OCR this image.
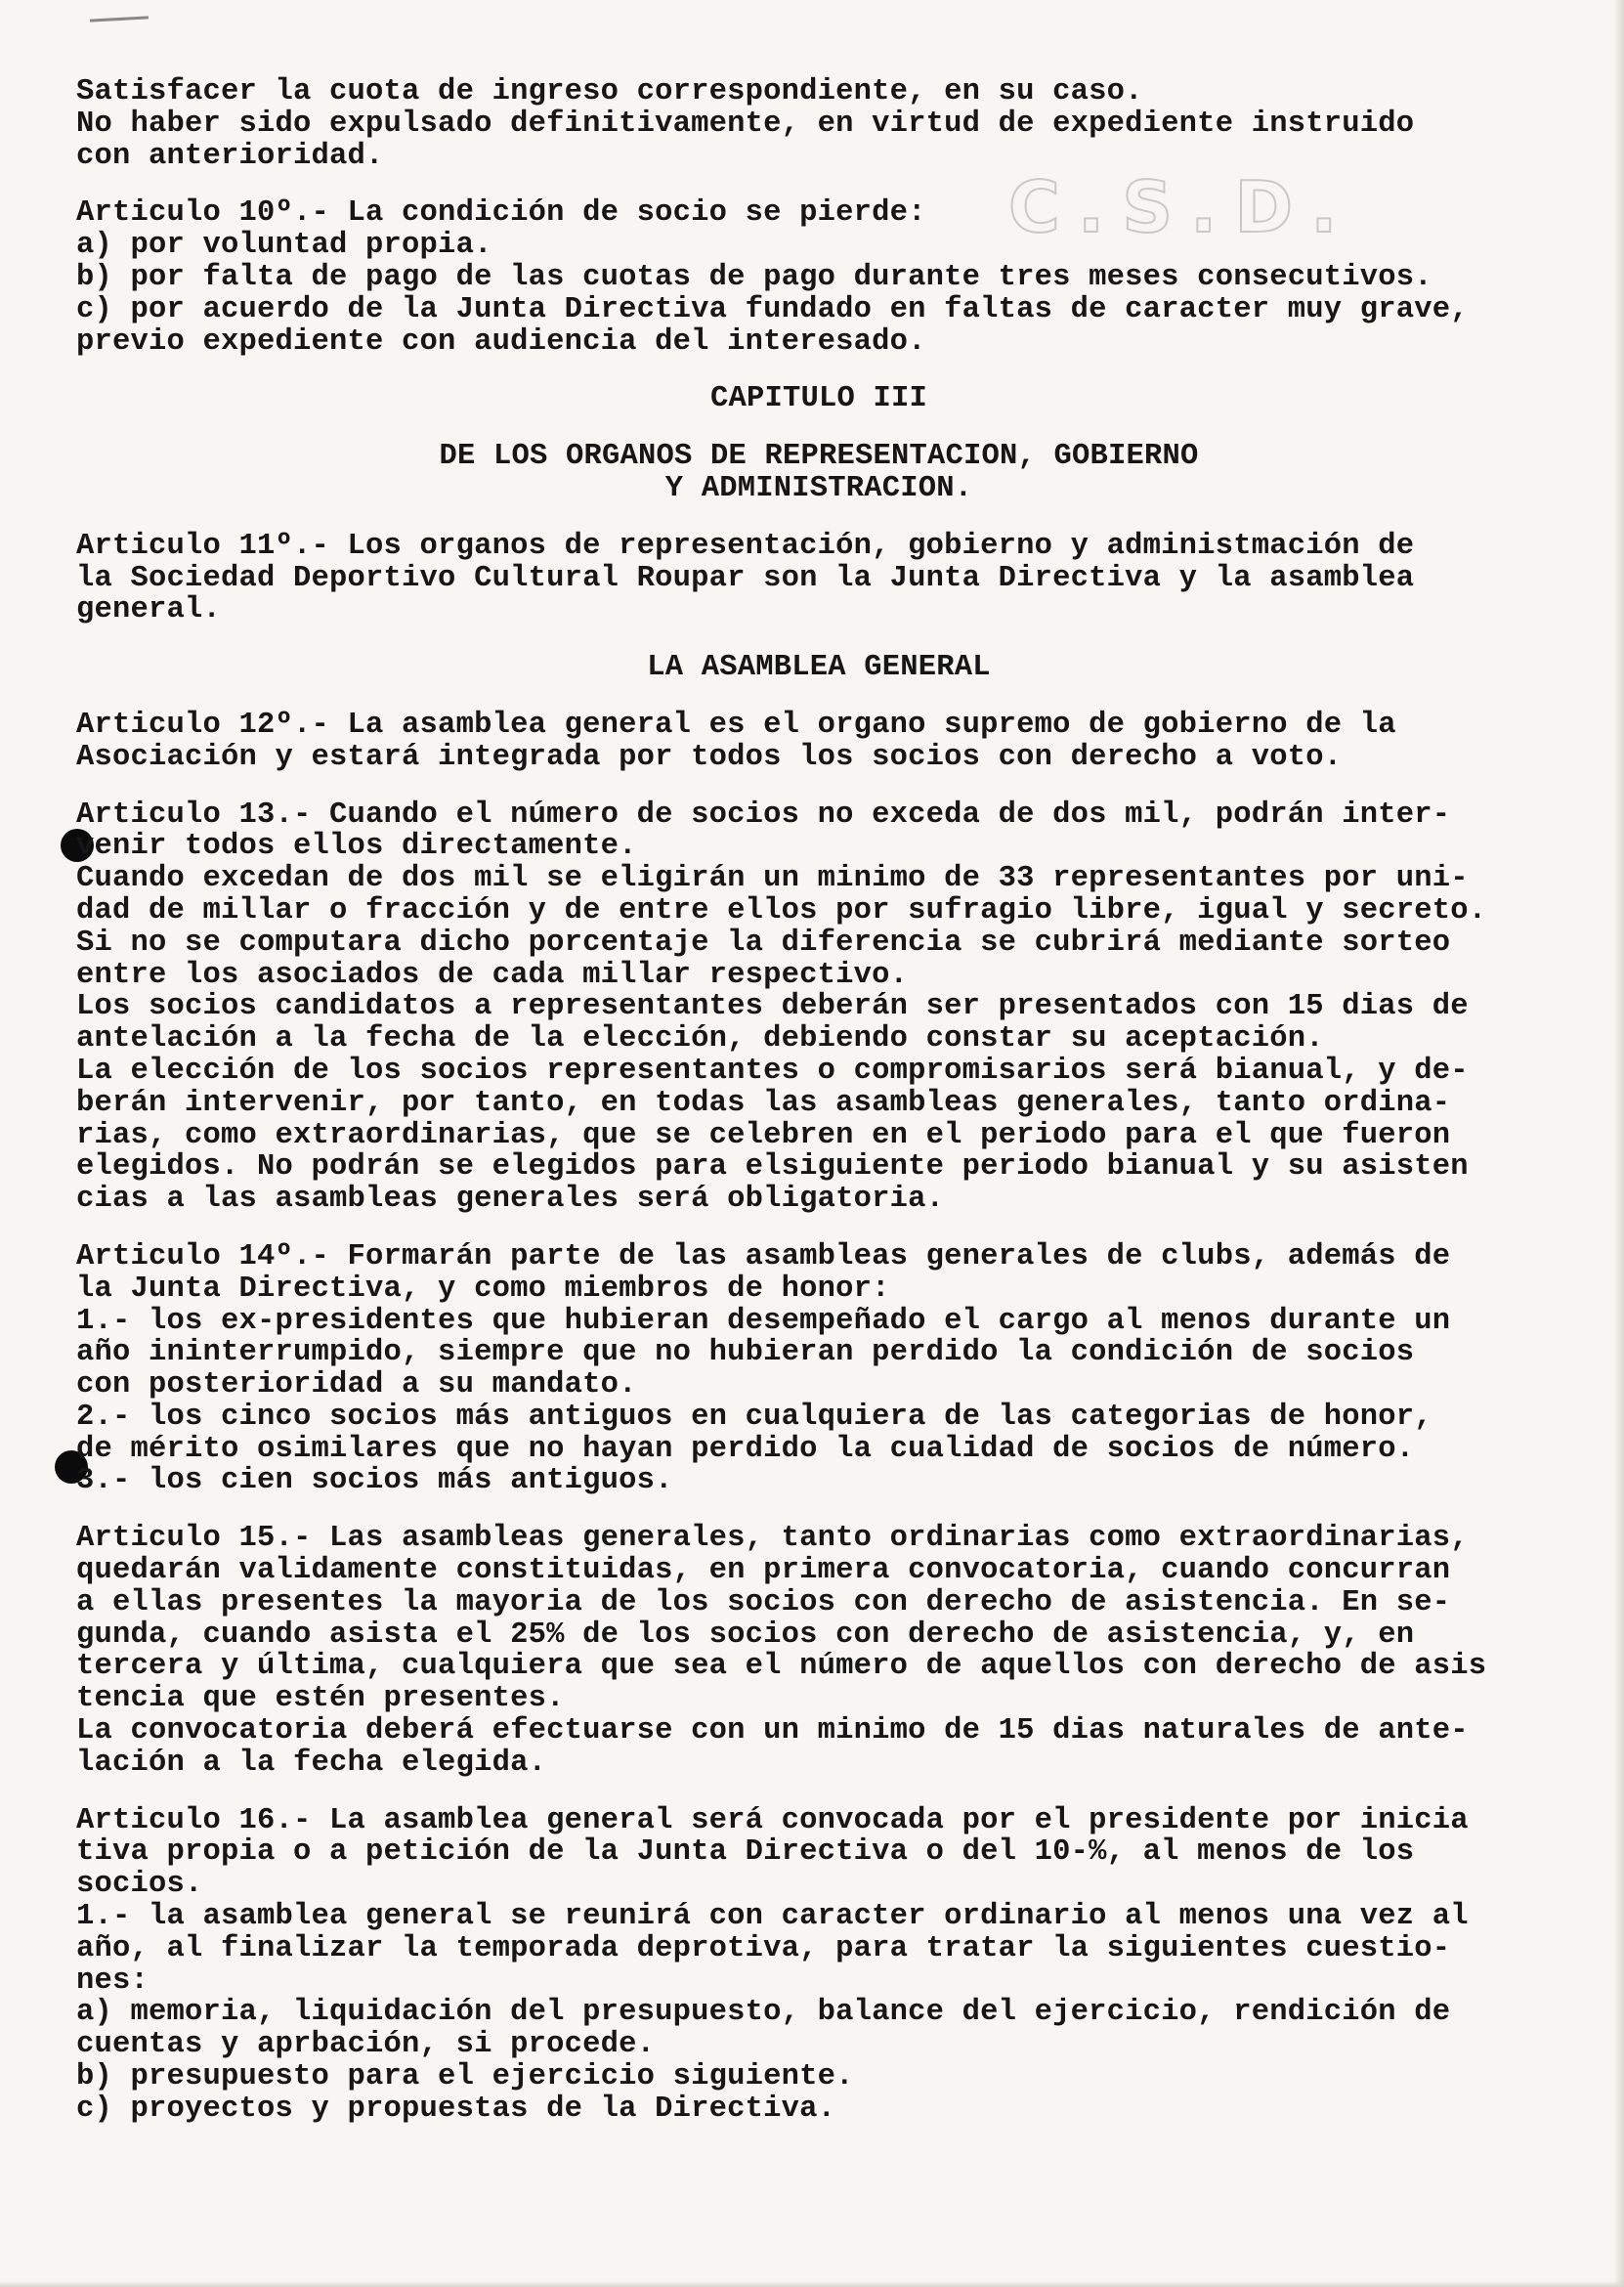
C.S.D.
Satisfacer la cuota de ingreso correspondiente, en su caso.
No haber sido expulsado definitivamente, en virtud de expediente instruido
con anterioridad.
Articulo 10º.- La condición de socio se pierde:
a) por voluntad propia.
b) por falta de pago de las cuotas de pago durante tres meses consecutivos.
c) por acuerdo de la Junta Directiva fundado en faltas de caracter muy grave,
previo expediente con audiencia del interesado.
CAPITULO III
DE LOS ORGANOS DE REPRESENTACION, GOBIERNO
Y ADMINISTRACION.
Articulo 11º.- Los organos de representación, gobierno y administmación de
la Sociedad Deportivo Cultural Roupar son la Junta Directiva y la asamblea
general.
LA ASAMBLEA GENERAL
Articulo 12º.- La asamblea general es el organo supremo de gobierno de la
Asociación y estará integrada por todos los socios con derecho a voto.
Articulo 13.- Cuando el número de socios no exceda de dos mil, podrán inter-
venir todos ellos directamente.
Cuando excedan de dos mil se eligirán un minimo de 33 representantes por uni-
dad de millar o fracción y de entre ellos por sufragio libre, igual y secreto.
Si no se computara dicho porcentaje la diferencia se cubrirá mediante sorteo
entre los asociados de cada millar respectivo.
Los socios candidatos a representantes deberán ser presentados con 15 dias de
antelación a la fecha de la elección, debiendo constar su aceptación.
La elección de los socios representantes o compromisarios será bianual, y de-
berán intervenir, por tanto, en todas las asambleas generales, tanto ordina-
rias, como extraordinarias, que se celebren en el periodo para el que fueron
elegidos. No podrán se elegidos para elsiguiente periodo bianual y su asisten
cias a las asambleas generales será obligatoria.
Articulo 14º.- Formarán parte de las asambleas generales de clubs, además de
la Junta Directiva, y como miembros de honor:
1.- los ex-presidentes que hubieran desempeñado el cargo al menos durante un
año ininterrumpido, siempre que no hubieran perdido la condición de socios
con posterioridad a su mandato.
2.- los cinco socios más antiguos en cualquiera de las categorias de honor,
de mérito osimilares que no hayan perdido la cualidad de socios de número.
3.- los cien socios más antiguos.
Articulo 15.- Las asambleas generales, tanto ordinarias como extraordinarias,
quedarán validamente constituidas, en primera convocatoria, cuando concurran
a ellas presentes la mayoria de los socios con derecho de asistencia. En se-
gunda, cuando asista el 25% de los socios con derecho de asistencia, y, en
tercera y última, cualquiera que sea el número de aquellos con derecho de asis
tencia que estén presentes.
La convocatoria deberá efectuarse con un minimo de 15 dias naturales de ante-
lación a la fecha elegida.
Articulo 16.- La asamblea general será convocada por el presidente por inicia
tiva propia o a petición de la Junta Directiva o del 10-%, al menos de los
socios.
1.- la asamblea general se reunirá con caracter ordinario al menos una vez al
año, al finalizar la temporada deprotiva, para tratar la siguientes cuestio-
nes:
a) memoria, liquidación del presupuesto, balance del ejercicio, rendición de
cuentas y aprbación, si procede.
b) presupuesto para el ejercicio siguiente.
c) proyectos y propuestas de la Directiva.
